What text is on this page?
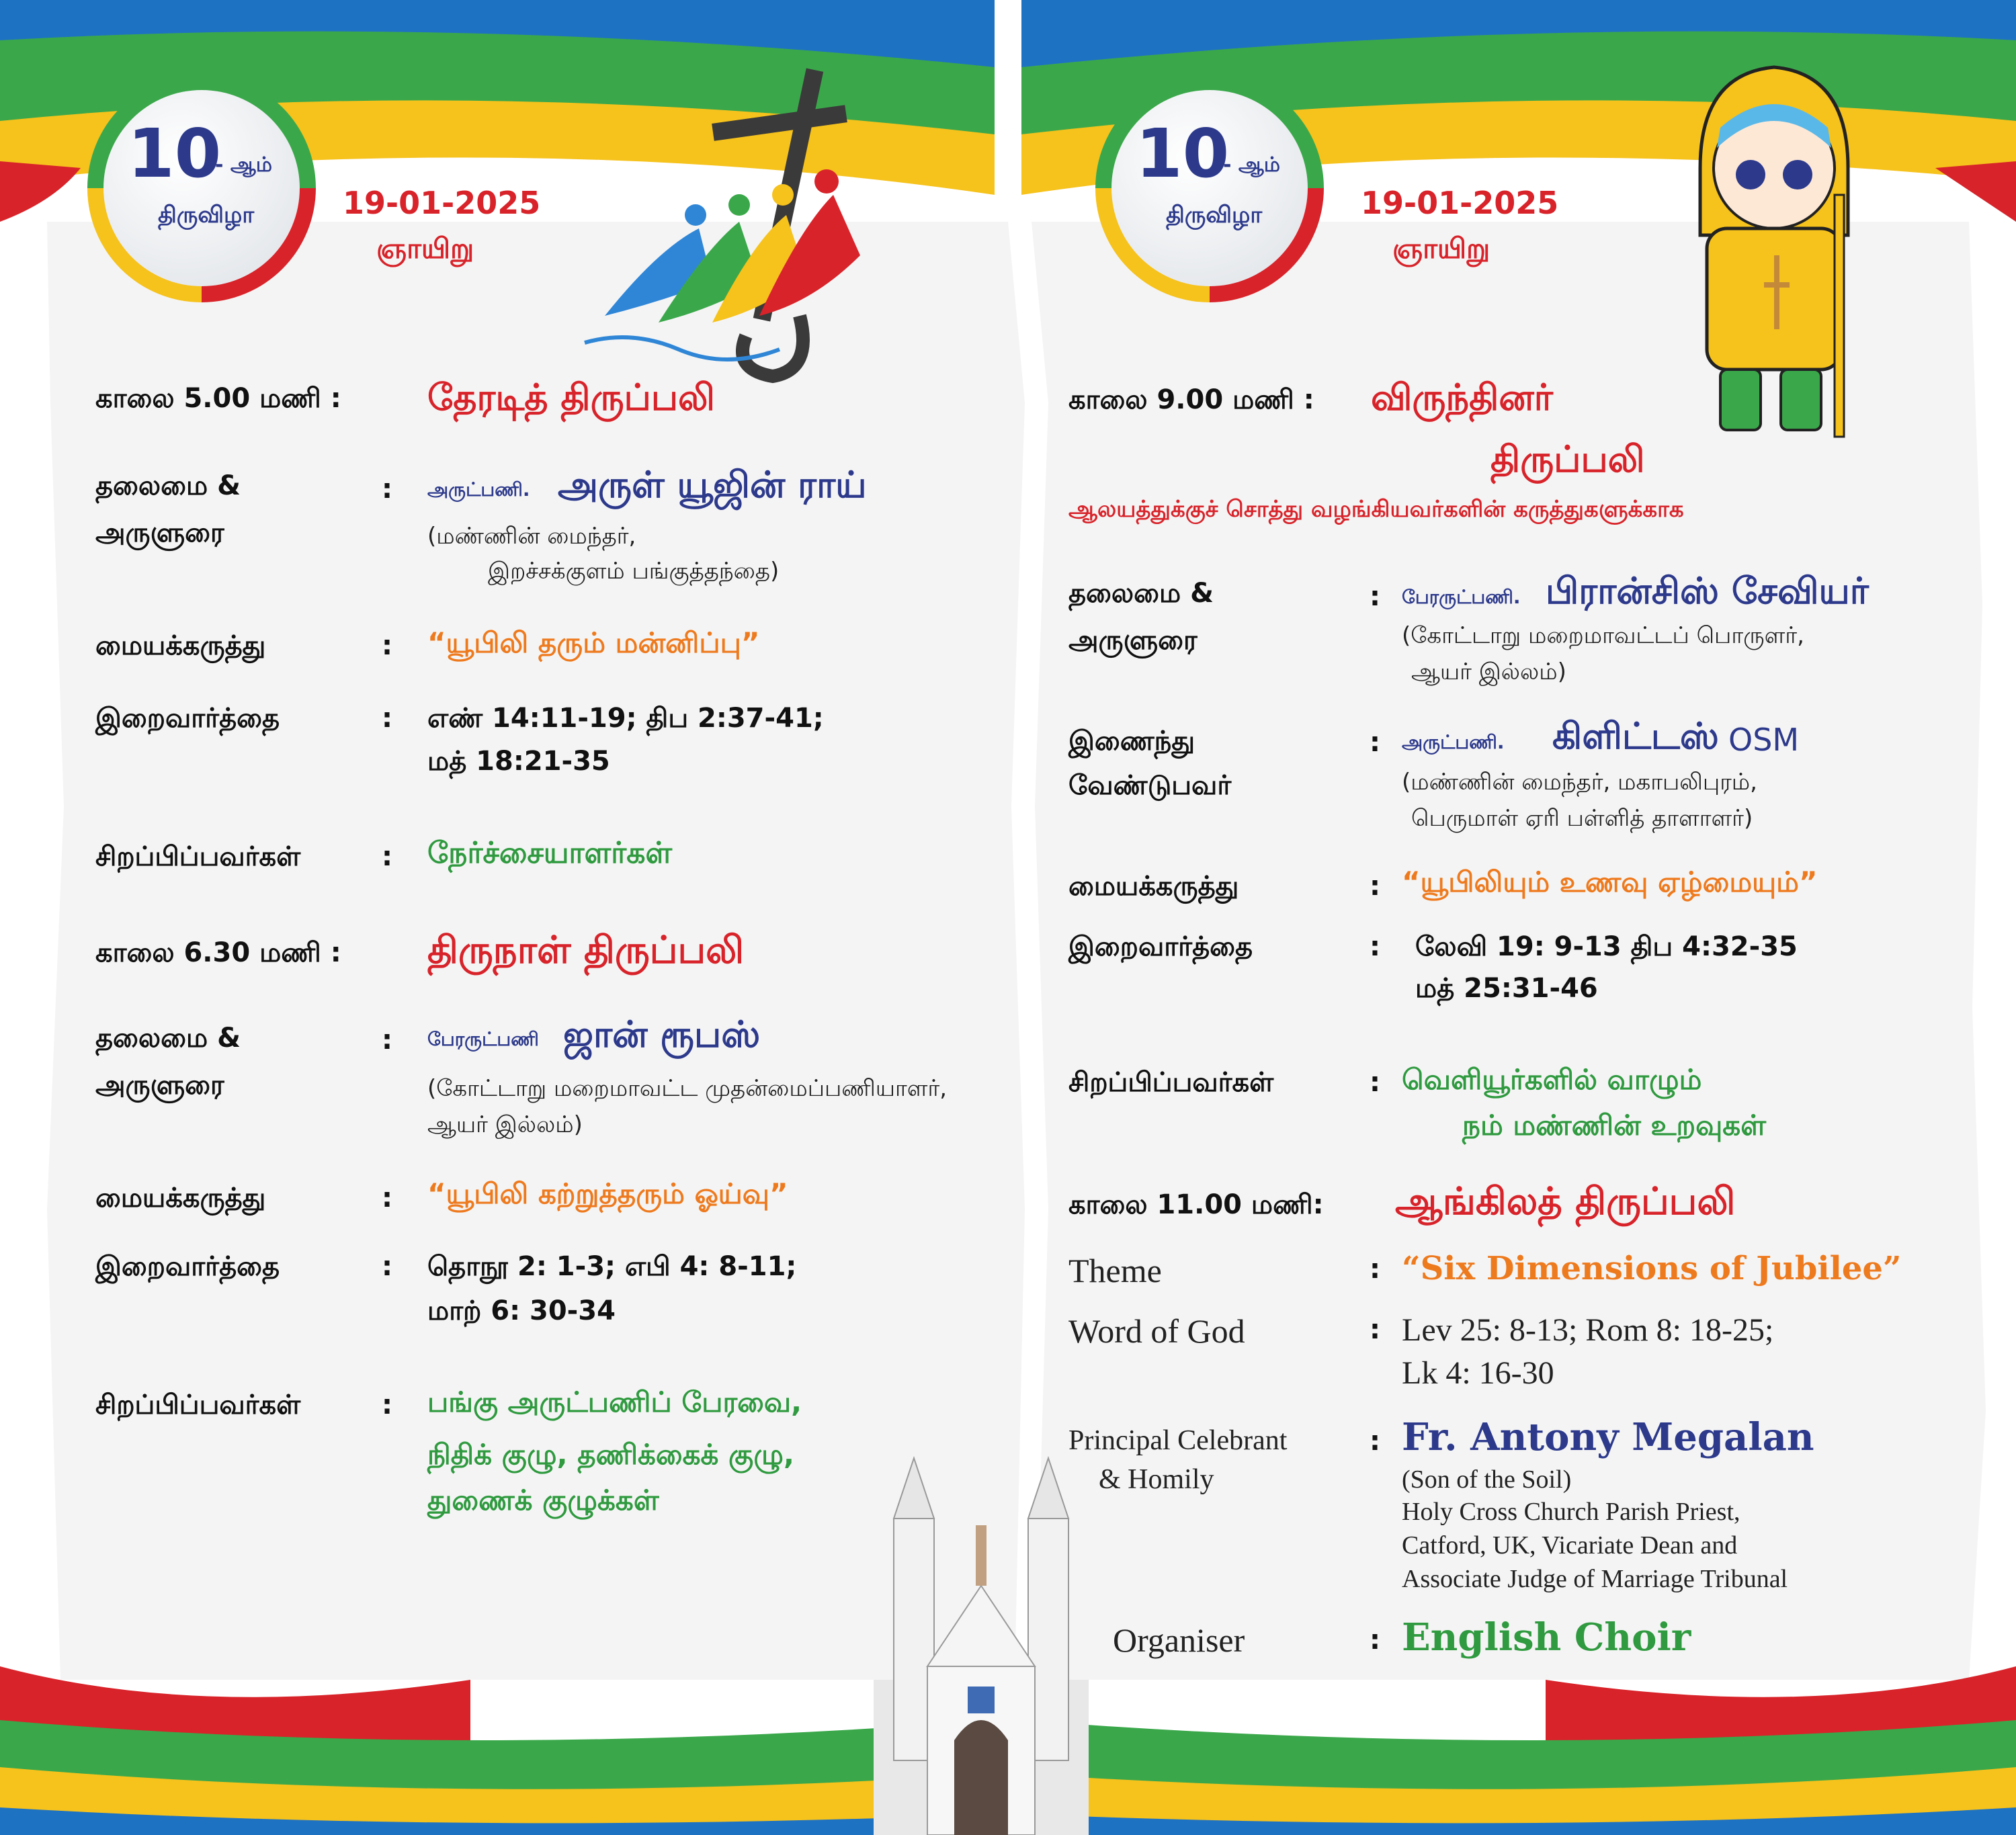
10
- ஆம்
திருவிழா	19-01-2025
ஞாயிறு
காலை 5.00 மணி : தேரடித் திருப்பலி
தலைமை &
அருளுரை
: அருட்பணி. அருள் யூஜின் ராய்
(மண்ணின் மைந்தர்,
இறச்சக்குளம் பங்குத்தந்தை)
மையக்கருத்து	: “யூபிலி தரும் மன்னிப்பு”
இறைவார்த்தை	: எண் 14:11-19; திப 2:37-41;
மத் 18:21-35
சிறப்பிப்பவர்கள்	: நேர்ச்சையாளர்கள்
காலை 6.30 மணி : திருநாள் திருப்பலி
தலைமை &
அருளுரை
: பேரருட்பணி ஜான் ரூபஸ்
(கோட்டாறு மறைமாவட்ட முதன்மைப்பணியாளர்,
ஆயர் இல்லம்)
மையக்கருத்து	: “யூபிலி கற்றுத்தரும் ஓய்வு”
இறைவார்த்தை	: தொநூ 2: 1-3; எபி 4: 8-11;
மாற் 6: 30-34
சிறப்பிப்பவர்கள்	: பங்கு அருட்பணிப் பேரவை,
நிதிக் குழு, தணிக்கைக் குழு,
துணைக் குழுக்கள்
10
- ஆம்
திருவிழா	19-01-2025
ஞாயிறு
காலை 9.00 மணி : விருந்தினர்
திருப்பலி
ஆலயத்துக்குச் சொத்து வழங்கியவர்களின் கருத்துகளுக்காக
தலைமை &
அருளுரை
: பேரருட்பணி. பிரான்சிஸ் சேவியர்
(கோட்டாறு மறைமாவட்டப் பொருளர்,
ஆயர் இல்லம்)
இணைந்து
வேண்டுபவர்
: அருட்பணி. கிளிட்டஸ் OSM
(மண்ணின் மைந்தர், மகாபலிபுரம்,
பெருமாள் ஏரி பள்ளித் தாளாளர்)
மையக்கருத்து	: “யூபிலியும் உணவு ஏழ்மையும்”
இறைவார்த்தை	: லேவி 19: 9-13 திப 4:32-35
மத் 25:31-46
சிறப்பிப்பவர்கள்	: வெளியூர்களில் வாழும்
நம் மண்ணின் உறவுகள்
காலை 11.00 மணி: ஆங்கிலத் திருப்பலி
Theme	: “Six Dimensions of Jubilee”
Word of God	: Lev 25: 8-13; Rom 8: 18-25;
Lk 4: 16-30
Principal Celebrant
& Homily
: Fr. Antony Megalan
(Son of the Soil)
Holy Cross Church Parish Priest,
Catford, UK, Vicariate Dean and
Associate Judge of Marriage Tribunal
Organiser	: English Choir
